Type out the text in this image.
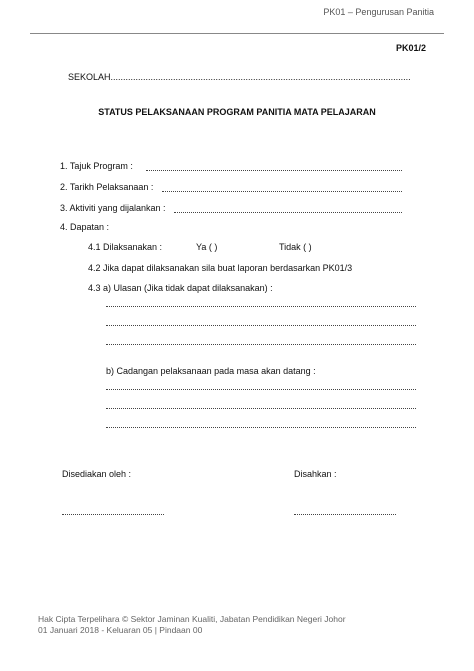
PK01 – Pengurusan Panitia
PK01/2
SEKOLAH........................................................................................................................
STATUS PELAKSANAAN PROGRAM PANITIA MATA PELAJARAN
1. Tajuk Program :
2. Tarikh Pelaksanaan :
3. Aktiviti yang dijalankan :
4. Dapatan :
4.1 Dilaksanakan :	Ya ( )	Tidak ( )
4.2 Jika dapat dilaksanakan sila buat laporan berdasarkan PK01/3
4.3 a) Ulasan (Jika tidak dapat dilaksanakan) :
b) Cadangan pelaksanaan pada masa akan datang :
Disediakan oleh :	Disahkan :
Hak Cipta Terpelihara © Sektor Jaminan Kualiti, Jabatan Pendidikan Negeri Johor
01 Januari 2018 - Keluaran 05 | Pindaan 00
